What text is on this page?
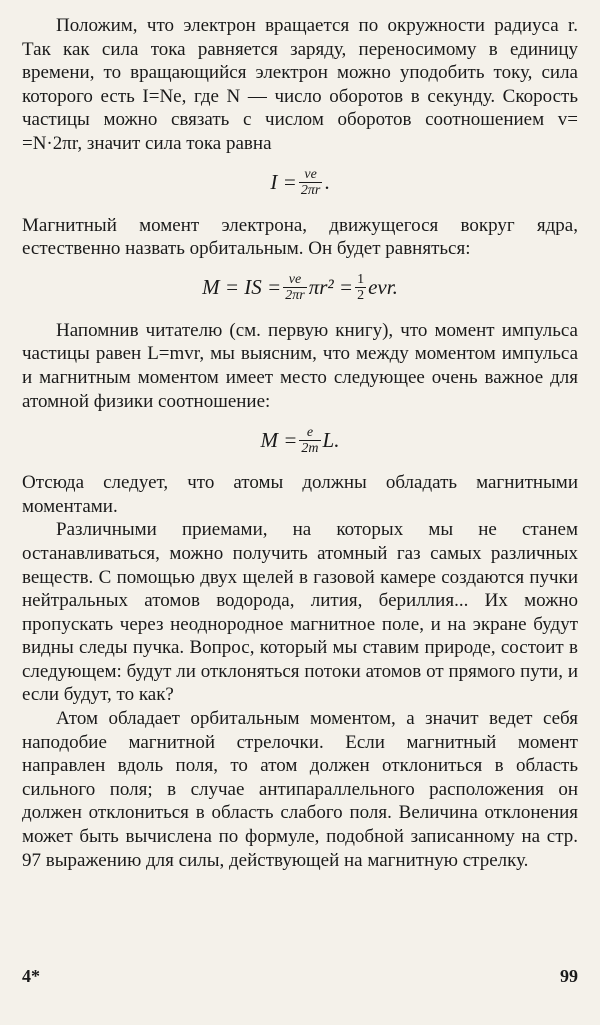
Положим, что электрон вращается по окружности радиуса r. Так как сила тока равняется заряду, переносимому в единицу времени, то вращающийся электрон можно уподобить току, сила которого есть I=Ne, где N — число оборотов в секунду. Скорость частицы можно связать с числом оборотов соотношением v= =N·2πr, значит сила тока равна

$I = \frac{ve}{2\pi r}$ .

Магнитный момент электрона, движущегося вокруг ядра, естественно назвать орбитальным. Он будет равняться:

M = IS = $\frac{ve}{2\pi r} \pi r^2 = \frac{1}{2}$ evr.

Напомнив читателю (см. первую книгу), что момент импульса частицы равен L=mvr, мы выясним, что между моментом импульса и магнитным моментом имеет место следующее очень важное для атомной физики соотношение:

$M = \frac{e}{2m} L$.

Отсюда следует, что атомы должны обладать магнитными моментами.

Различными приемами, на которых мы не станем останавливаться, можно получить атомный газ самых различных веществ. С помощью двух щелей в газовой камере создаются пучки нейтральных атомов водорода, лития, бериллия... Их можно пропускать через неоднородное магнитное поле, и на экране будут видны следы пучка. Вопрос, который мы ставим природе, состоит в следующем: будут ли отклоняться потоки атомов от прямого пути, и если будут, то как?

Атом обладает орбитальным моментом, а значит ведет себя наподобие магнитной стрелочки. Если магнитный момент направлен вдоль поля, то атом должен отклониться в область сильного поля; в случае антипараллельного расположения он должен отклониться в область слабого поля. Величина отклонения может быть вычислена по формуле, подобной записанному на стр. 97 выражению для силы, действующей на магнитную стрелку.

4*	99
